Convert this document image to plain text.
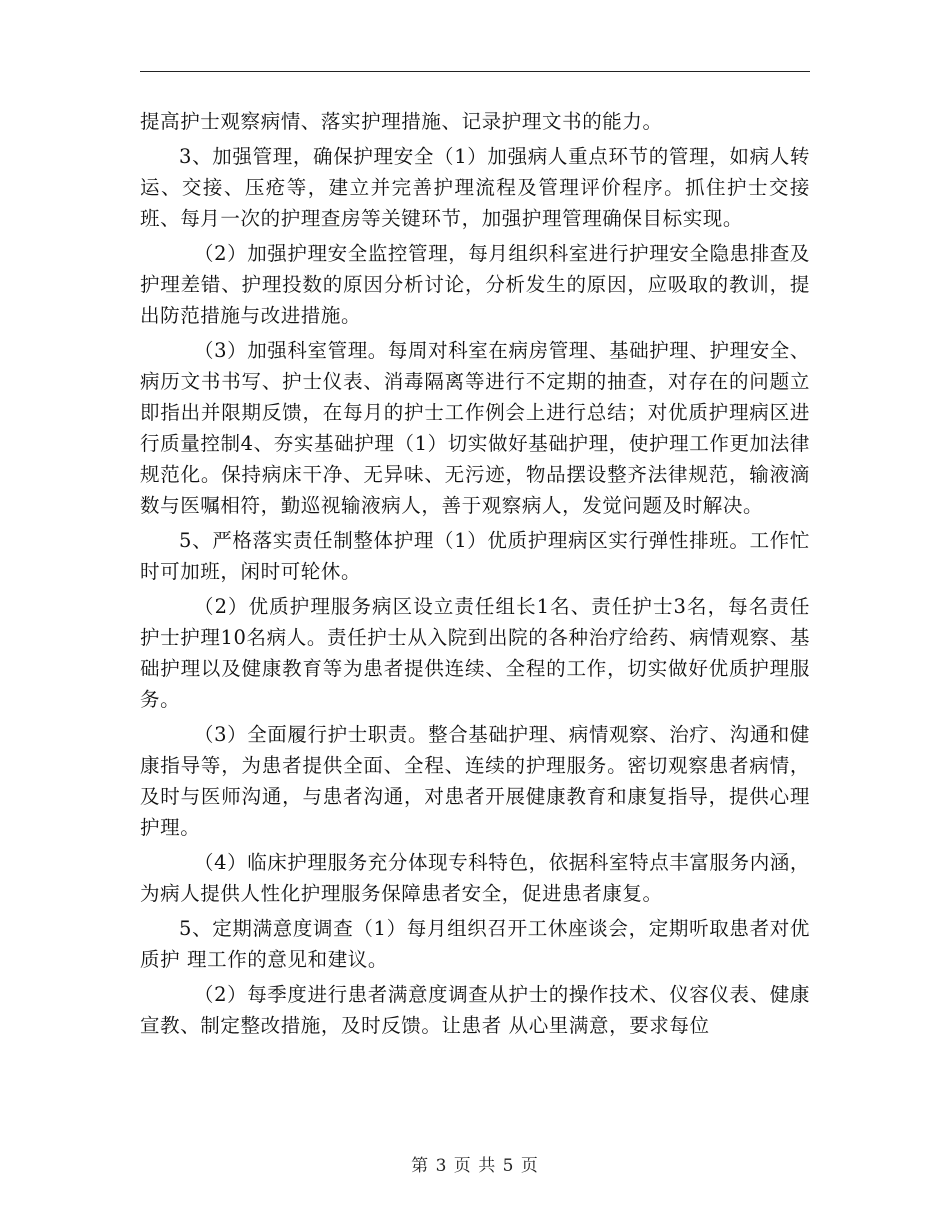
提高护士观察病情、落实护理措施、记录护理文书的能力。

3、加强管理，确保护理安全（1）加强病人重点环节的管理，如病人转运、交接、压疮等，建立并完善护理流程及管理评价程序。抓住护士交接班、每月一次的护理查房等关键环节，加强护理管理确保目标实现。

（2）加强护理安全监控管理，每月组织科室进行护理安全隐患排查及护理差错、护理投数的原因分析讨论，分析发生的原因，应吸取的教训，提出防范措施与改进措施。

（3）加强科室管理。每周对科室在病房管理、基础护理、护理安全、病历文书书写、护士仪表、消毒隔离等进行不定期的抽查，对存在的问题立即指出并限期反馈，在每月的护士工作例会上进行总结；对优质护理病区进行质量控制4、夯实基础护理（1）切实做好基础护理，使护理工作更加法律规范化。保持病床干净、无异味、无污迹，物品摆设整齐法律规范，输液滴数与医嘱相符，勤巡视输液病人，善于观察病人，发觉问题及时解决。

5、严格落实责任制整体护理（1）优质护理病区实行弹性排班。工作忙时可加班，闲时可轮休。

（2）优质护理服务病区设立责任组长1名、责任护士3名，每名责任护士护理10名病人。责任护士从入院到出院的各种治疗给药、病情观察、基础护理以及健康教育等为患者提供连续、全程的工作，切实做好优质护理服务。

（3）全面履行护士职责。整合基础护理、病情观察、治疗、沟通和健康指导等，为患者提供全面、全程、连续的护理服务。密切观察患者病情，及时与医师沟通，与患者沟通，对患者开展健康教育和康复指导，提供心理护理。

（4）临床护理服务充分体现专科特色，依据科室特点丰富服务内涵，为病人提供人性化护理服务保障患者安全，促进患者康复。

5、定期满意度调查（1）每月组织召开工休座谈会，定期听取患者对优质护 理工作的意见和建议。

（2）每季度进行患者满意度调查从护士的操作技术、仪容仪表、健康宣教、制定整改措施，及时反馈。让患者 从心里满意，要求每位

第 3 页 共 5 页
